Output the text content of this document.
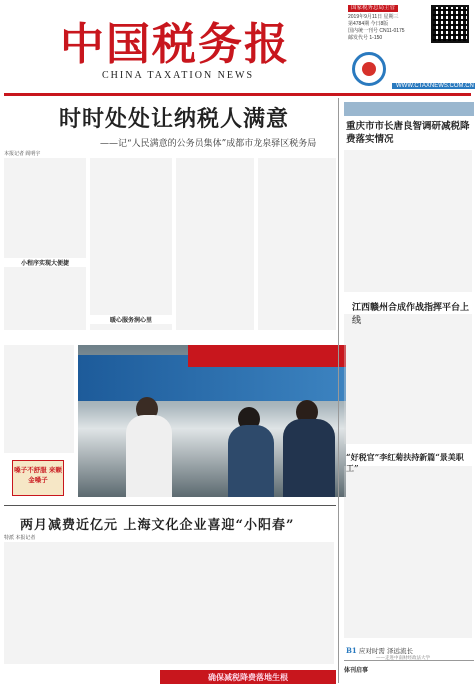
中国税务报
CHINA TAXATION NEWS
国家税务总局主管
2019年9月11日 星期三
第4784期 今日8版
国内统一刊号 CN11-0175
邮发代号 1-150
WWW.CTAXNEWS.COM.CN
时时处处让纳税人满意
——记“人民满意的公务员集体”成都市龙泉驿区税务局
本报记者 阎明宇
小程序实现大便捷
暖心服务润心里
嗓子不舒服 来颗金嗓子
两月减费近亿元 上海文化企业喜迎“小阳春”
特派 本报记者
确保减税降费落地生根
重庆市市长唐良智调研减税降费落实情况
江西赣州合成作战指挥平台上线
“好税官”李红菊扶持新篇“景美职工”
B1 应对时需 泽远流长
——走进中南财经政法大学
体刊启事
